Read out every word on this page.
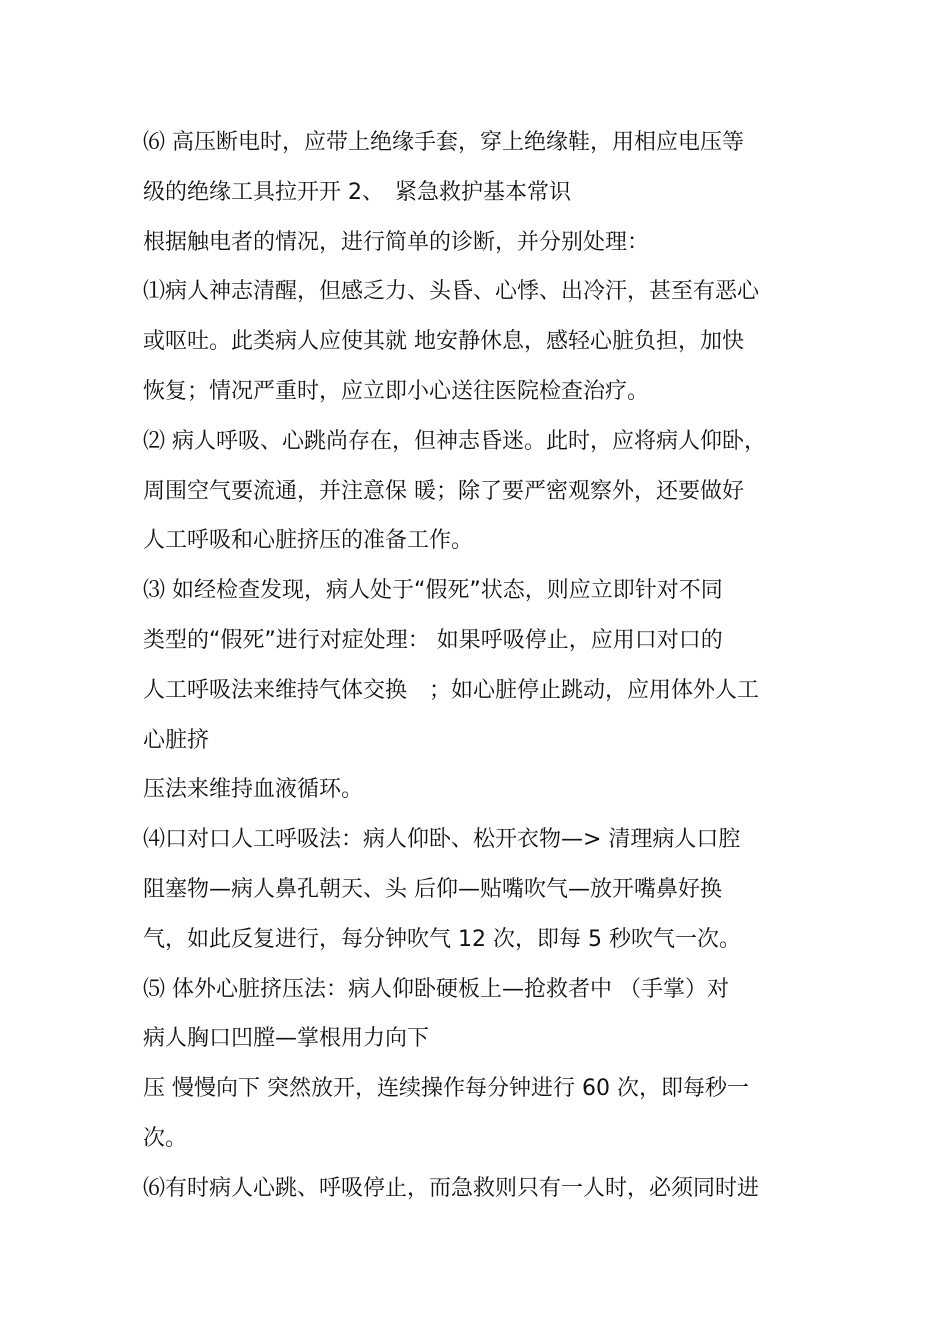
⑹ 高压断电时，应带上绝缘手套，穿上绝缘鞋，用相应电压等
级的绝缘工具拉开开 2、　紧急救护基本常识
根据触电者的情况，进行简单的诊断，并分别处理：
⑴病人神志清醒，但感乏力、头昏、心悸、出冷汗，甚至有恶心
或呕吐。此类病人应使其就 地安静休息，感轻心脏负担，加快
恢复；情况严重时，应立即小心送往医院检查治疗。
⑵ 病人呼吸、心跳尚存在，但神志昏迷。此时，应将病人仰卧，
周围空气要流通，并注意保 暖；除了要严密观察外，还要做好
人工呼吸和心脏挤压的准备工作。
⑶ 如经检查发现，病人处于“假死”状态，则应立即针对不同
类型的“假死”进行对症处理： 如果呼吸停止，应用口对口的
人工呼吸法来维持气体交换　；如心脏停止跳动，应用体外人工
心脏挤
压法来维持血液循环。
⑷口对口人工呼吸法：病人仰卧、松开衣物—> 清理病人口腔
阻塞物—病人鼻孔朝天、头 后仰—贴嘴吹气—放开嘴鼻好换
气，如此反复进行，每分钟吹气 12 次，即每 5 秒吹气一次。
⑸ 体外心脏挤压法：病人仰卧硬板上—抢救者中 （手掌）对
病人胸口凹膛—掌根用力向下
压 慢慢向下 突然放开，连续操作每分钟进行 60 次，即每秒一
次。
⑹有时病人心跳、呼吸停止，而急救则只有一人时，必须同时进
